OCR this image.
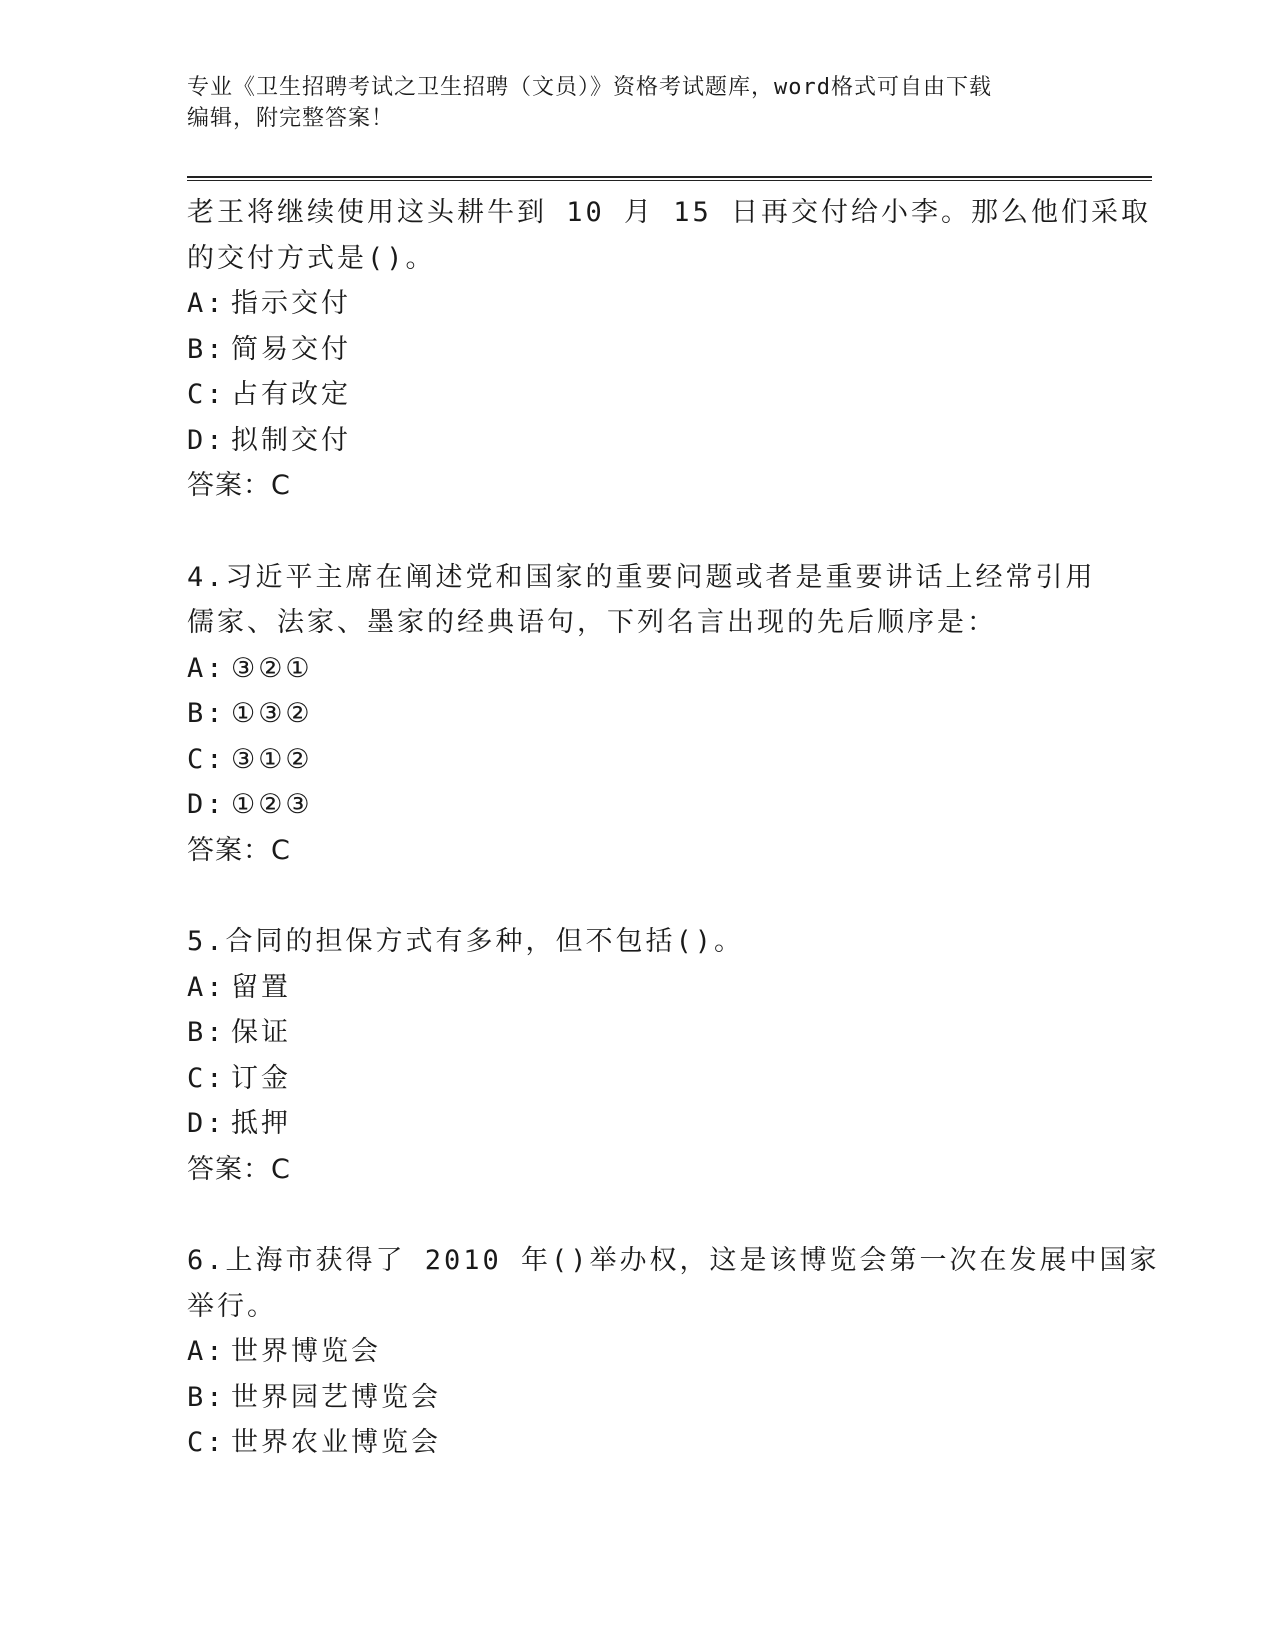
专业《卫生招聘考试之卫生招聘（文员）》资格考试题库，word格式可自由下载
编辑，附完整答案！
老王将继续使用这头耕牛到 10 月 15 日再交付给小李。那么他们采取
的交付方式是()。
A: 指示交付
B: 简易交付
C: 占有改定
D: 拟制交付
答案：C
4.习近平主席在阐述党和国家的重要问题或者是重要讲话上经常引用
儒家、法家、墨家的经典语句，下列名言出现的先后顺序是：
A: ③②①
B: ①③②
C: ③①②
D: ①②③
答案：C
5.合同的担保方式有多种，但不包括()。
A: 留置
B: 保证
C: 订金
D: 抵押
答案：C
6.上海市获得了 2010 年()举办权，这是该博览会第一次在发展中国家
举行。
A: 世界博览会
B: 世界园艺博览会
C: 世界农业博览会
